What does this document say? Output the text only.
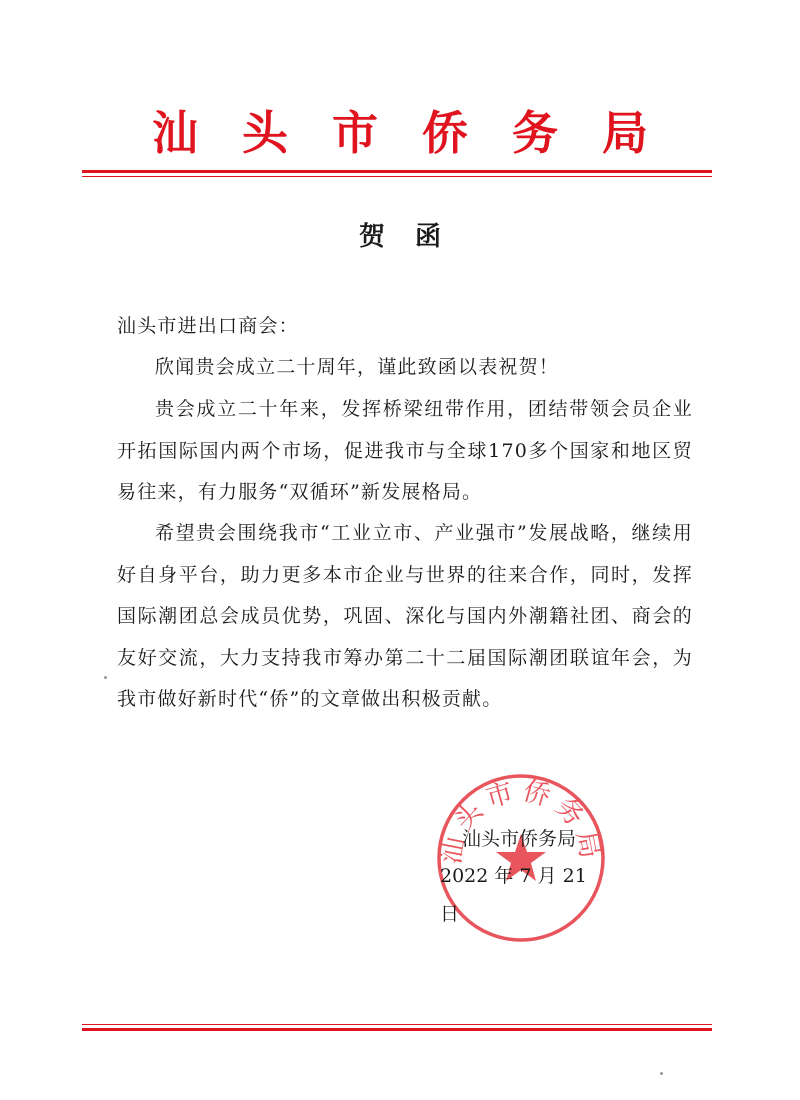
汕头市侨务局
贺函
汕头市进出口商会：
欣闻贵会成立二十周年，谨此致函以表祝贺！
贵会成立二十年来，发挥桥梁纽带作用，团结带领会员企业开拓国际国内两个市场，促进我市与全球170多个国家和地区贸易往来，有力服务“双循环”新发展格局。
希望贵会围绕我市“工业立市、产业强市”发展战略，继续用好自身平台，助力更多本市企业与世界的往来合作，同时，发挥国际潮团总会成员优势，巩固、深化与国内外潮籍社团、商会的友好交流，大力支持我市筹办第二十二届国际潮团联谊年会，为我市做好新时代“侨”的文章做出积极贡献。
汕头市侨务局
汕头市侨务局
2022 年 7 月 21 日
